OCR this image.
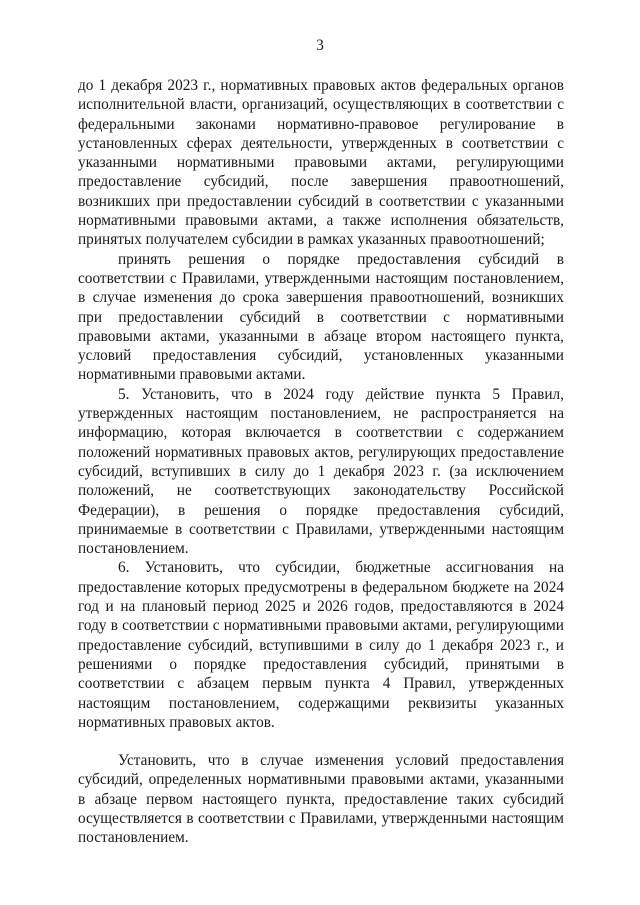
3

до 1 декабря 2023 г., нормативных правовых актов федеральных органов исполнительной власти, организаций, осуществляющих в соответствии с федеральными законами нормативно-правовое регулирование в установленных сферах деятельности, утвержденных в соответствии с указанными нормативными правовыми актами, регулирующими предоставление субсидий, после завершения правоотношений, возникших при предоставлении субсидий в соответствии с указанными нормативными правовыми актами, а также исполнения обязательств, принятых получателем субсидии в рамках указанных правоотношений;

принять решения о порядке предоставления субсидий в соответствии с Правилами, утвержденными настоящим постановлением, в случае изменения до срока завершения правоотношений, возникших при предоставлении субсидий в соответствии с нормативными правовыми актами, указанными в абзаце втором настоящего пункта, условий предоставления субсидий, установленных указанными нормативными правовыми актами.

5. Установить, что в 2024 году действие пункта 5 Правил, утвержденных настоящим постановлением, не распространяется на информацию, которая включается в соответствии с содержанием положений нормативных правовых актов, регулирующих предоставление субсидий, вступивших в силу до 1 декабря 2023 г. (за исключением положений, не соответствующих законодательству Российской Федерации), в решения о порядке предоставления субсидий, принимаемые в соответствии с Правилами, утвержденными настоящим постановлением.

6. Установить, что субсидии, бюджетные ассигнования на предоставление которых предусмотрены в федеральном бюджете на 2024 год и на плановый период 2025 и 2026 годов, предоставляются в 2024 году в соответствии с нормативными правовыми актами, регулирующими предоставление субсидий, вступившими в силу до 1 декабря 2023 г., и решениями о порядке предоставления субсидий, принятыми в соответствии с абзацем первым пункта 4 Правил, утвержденных настоящим постановлением, содержащими реквизиты указанных нормативных правовых актов.

Установить, что в случае изменения условий предоставления субсидий, определенных нормативными правовыми актами, указанными в абзаце первом настоящего пункта, предоставление таких субсидий осуществляется в соответствии с Правилами, утвержденными настоящим постановлением.
